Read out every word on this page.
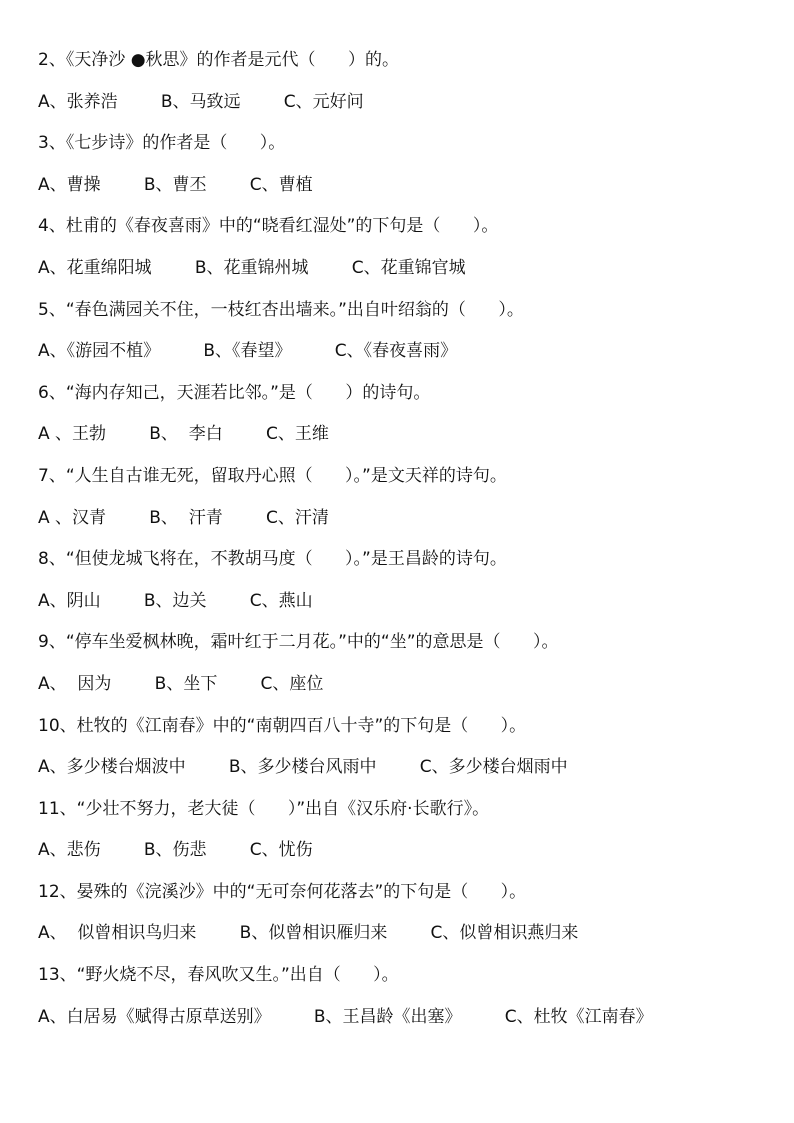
2、《天净沙 ●秋思》的作者是元代（      ）的。
A、张养浩        B、马致远        C、元好问
3、《七步诗》的作者是（      ）。
A、曹操        B、曹丕        C、曹植
4、杜甫的《春夜喜雨》中的“晓看红湿处”的下句是（      ）。
A、花重绵阳城        B、花重锦州城        C、花重锦官城
5、“春色满园关不住，一枝红杏出墙来。”出自叶绍翁的（      ）。
A、《游园不植》        B、《春望》        C、《春夜喜雨》
6、“海内存知己，天涯若比邻。”是（      ）的诗句。
A 、王勃        B、  李白        C、王维
7、“人生自古谁无死，留取丹心照（      ）。”是文天祥的诗句。
A 、汉青        B、  汗青        C、汗清
8、“但使龙城飞将在，不教胡马度（      ）。”是王昌龄的诗句。
A、阴山        B、边关        C、燕山
9、“停车坐爱枫林晚，霜叶红于二月花。”中的“坐”的意思是（      ）。
A、  因为        B、坐下        C、座位
10、杜牧的《江南春》中的“南朝四百八十寺”的下句是（      ）。
A、多少楼台烟波中        B、多少楼台风雨中        C、多少楼台烟雨中
11、“少壮不努力，老大徒（      ）”出自《汉乐府·长歌行》。
A、悲伤        B、伤悲        C、忧伤
12、晏殊的《浣溪沙》中的“无可奈何花落去”的下句是（      ）。
A、  似曾相识鸟归来        B、似曾相识雁归来        C、似曾相识燕归来
13、“野火烧不尽，春风吹又生。”出自（      ）。
A、白居易《赋得古原草送别》        B、王昌龄《出塞》        C、杜牧《江南春》
